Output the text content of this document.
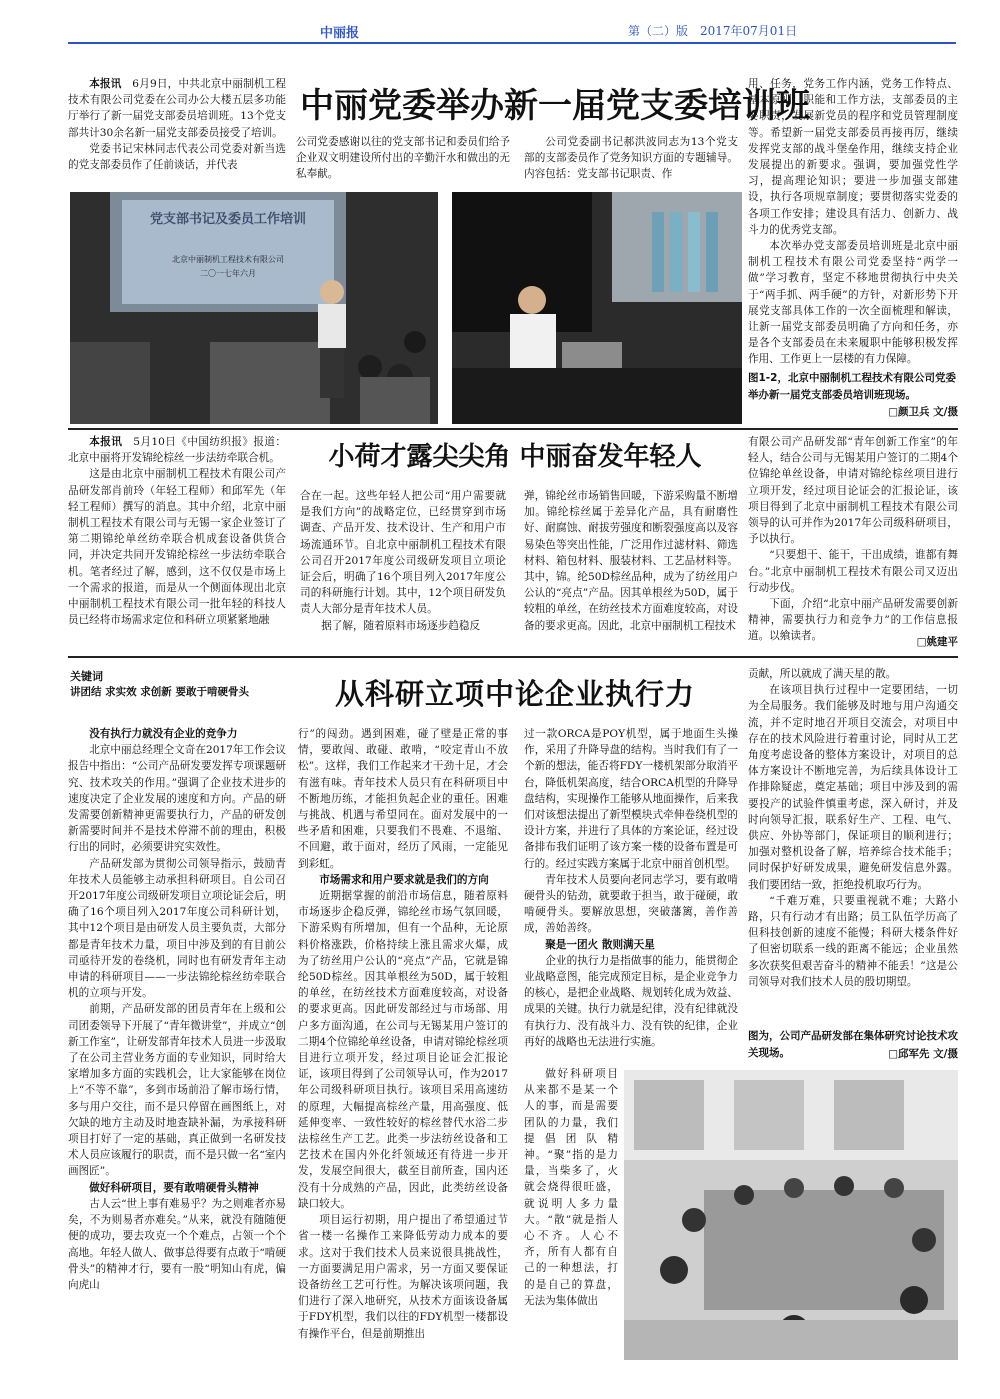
中丽报	第（二）版　2017年07月01日
中丽党委举办新一届党支委培训班

本报讯　 6月9日，中共北京中丽制机工程技术有限公司党委在公司办公大楼五层多功能厅举行了新一届党支部委员培训班。13个党支部共计30余名新一届党支部委员接受了培训。

党委书记宋林同志代表公司党委对新当选的党支部委员作了任前谈话，并代表

公司党委感谢以往的党支部书记和委员们给予企业双文明建设所付出的辛勤汗水和做出的无私奉献。

公司党委副书记郝洪波同志为13个党支部的支部委员作了党务知识方面的专题辅导。内容包括：党支部书记职责、作

用、任务，党务工作内涵，党务工作特点、基本原则、职能和工作方法，支部委员的主要职责，发展新党员的程序和党员管理制度等。希望新一届党支部委员再接再厉，继续发挥党支部的战斗堡垒作用，继续支持企业发展提出的新要求。强调，要加强党性学习，提高理论知识；要进一步加强支部建设，执行各项规章制度；要贯彻落实党委的各项工作安排；建设具有活力、创新力、战斗力的优秀党支部。

本次举办党支部委员培训班是北京中丽制机工程技术有限公司党委坚持“两学一做”学习教育，坚定不移地贯彻执行中央关于“两手抓、两手硬”的方针，对新形势下开展党支部具体工作的一次全面梳理和解读，让新一届党支部委员明确了方向和任务，亦是各个支部委员在未来履职中能够积极发挥作用、工作更上一层楼的有力保障。

党支部书记及委员工作培训
北京中丽制机工程技术有限公司
二〇一七年六月
图1-2，北京中丽制机工程技术有限公司党委举办新一届党支部委员培训班现场。
□颜卫兵 文/摄
小荷才露尖尖角 中丽奋发年轻人

本报讯　 5月10日《中国纺织报》报道：北京中丽将开发锦纶棕丝一步法纺牵联合机。

这是由北京中丽制机工程技术有限公司产品研发部肖前玲（年轻工程师）和邱军先（年轻工程师）撰写的消息。其中介绍，北京中丽制机工程技术有限公司与无锡一家企业签订了第二期锦纶单丝纺牵联合机成套设备供货合同，并决定共同开发锦纶棕丝一步法纺牵联合机。笔者经过了解，感到，这不仅仅是市场上一个需求的报道，而是从一个侧面体现出北京中丽制机工程技术有限公司一批年轻的科技人员已经将市场需求定位和科研立项紧紧地融

合在一起。这些年轻人把公司“用户需要就是我们方向”的战略定位，已经贯穿到市场调查、产品开发、技术设计、生产和用户市场流通环节。自北京中丽制机工程技术有限公司召开2017年度公司级研发项目立项论证会后，明确了16个项目列入2017年度公司的科研施行计划。其中，12个项目研发负责人大部分是青年技术人员。

据了解，随着原料市场逐步趋稳反

弹，锦纶丝市场销售回暖，下游采购量不断增加。锦纶棕丝属于差异化产品，具有耐磨性好、耐腐蚀、耐拔劳强度和断裂强度高以及容易染色等突出性能，广泛用作过滤材料、筛选材料、箱包材料、服装材料、工艺品材料等。其中，锦。纶50D棕丝品种，成为了纺丝用户公认的“亮点”产品。因其单根丝为50D，属于较粗的单丝，在纺丝技术方面难度较高，对设备的要求更高。因此，北京中丽制机工程技术

有限公司产品研发部“青年创新工作室”的年轻人，结合公司与无锡某用户签订的二期4个位锦纶单丝设备，申请对锦纶棕丝项目进行立项开发，经过项目论证会的汇报论证，该项目得到了北京中丽制机工程技术有限公司领导的认可并作为2017年公司级科研项目，予以执行。

“只要想干、能干，干出成绩，谁都有舞台。”北京中丽制机工程技术有限公司又迈出行动步伐。

下面，介绍“北京中丽产品研发需要创新精神，需要执行力和竞争力”的工作信息报道。以飨读者。	□姚建平
关键词
讲团结 求实效 求创新 要敢于啃硬骨头	从科研立项中论企业执行力

没有执行力就没有企业的竞争力

北京中丽总经理仝文奇在2017年工作会议报告中指出：“公司产品研发要发挥专项课题研究、技术攻关的作用。”强调了企业技术进步的速度决定了企业发展的速度和方向。产品的研发需要创新精神更需要执行力，产品的研发创新需要时间并不是技术停滞不前的理由，积极行出的同时，必须要讲究实效性。

产品研发部为贯彻公司领导指示，鼓励青年技术人员能够主动承担科研项目。自公司召开2017年度公司级研发项目立项论证会后，明确了16个项目列入2017年度公司科研计划，其中12个项目是由研发人员主要负责，大部分都是青年技术力量，项目中涉及到的有目前公司亟待开发的卷绕机，同时也有研发青年主动申请的科研项目——一步法锦纶棕丝纺牵联合机的立项与开发。

前期，产品研发部的团员青年在上级和公司团委领导下开展了“青年微讲堂”，并成立“创新工作室”，让研发部青年技术人员进一步汲取了在公司主营业务方面的专业知识，同时给大家增加多方面的实践机会，让大家能够在岗位上“不等不靠”，多到市场前沿了解市场行情，多与用户交往，而不是只停留在画图纸上，对欠缺的地方主动及时地查缺补漏，为承接科研项目打好了一定的基础，真正做到一名研发技术人员应该履行的职责，而不是只做一名“室内画图匠”。

做好科研项目，要有敢啃硬骨头精神

古人云“世上事有难易乎？为之则难者亦易矣，不为则易者亦难矣。”从来，就没有随随便便的成功，要去攻克一个个难点，占领一个个高地。年轻人做人、做事总得要有点敢于“啃硬骨头”的精神才行，要有一股“明知山有虎，偏向虎山

行”的闯劲。遇到困难，碰了壁是正常的事情，要敢闯、敢碰、敢啃，“咬定青山不放松”。这样，我们工作起来才干劲十足，才会有滋有味。青年技术人员只有在科研项目中不断地历练，才能担负起企业的重任。困难与挑战、机遇与希望同在。面对发展中的一些矛盾和困难，只要我们不畏难、不退缩、不回避，敢于面对，经历了风雨，一定能见到彩虹。

市场需求和用户要求就是我们的方向

近期据掌握的前沿市场信息，随着原料市场逐步企稳反弹，锦纶丝市场气氛回暖，下游采购有所增加，但有一个品种，无论原料价格涨跌，价格持续上涨且需求火爆，成为了纺丝用户公认的“亮点”产品，它就是锦纶50D棕丝。因其单根丝为50D，属于较粗的单丝，在纺丝技术方面难度较高，对设备的要求更高。因此研发部经过与市场部、用户多方面沟通，在公司与无锡某用户签订的二期4个位锦纶单丝设备，申请对锦纶棕丝项目进行立项开发，经过项目论证会汇报论证，该项目得到了公司领导认可，作为2017年公司级科研项目执行。该项目采用高速纺的原理，大幅提高棕丝产量，用高强度、低延伸变率、一致性较好的棕丝替代水浴二步法棕丝生产工艺。此类一步法纺丝设备和工艺技术在国内外化纤领域还有待进一步开发，发展空间很大，截至目前所查，国内还没有十分成熟的产品，因此，此类纺丝设备缺口较大。

项目运行初期，用户提出了希望通过节省一楼一名操作工来降低劳动力成本的要求。这对于我们技术人员来说很具挑战性，一方面要满足用户需求，另一方面又要保证设备纺丝工艺可行性。为解决该项问题，我们进行了深入地研究，从技术方面该设备属于FDY机型，我们以往的FDY机型一楼都设有操作平台，但是前期推出

过一款ORCA是POY机型，属于地面生头操作，采用了升降导盘的结构。当时我们有了一个新的想法，能否将FDY一楼机架部分取消平台，降低机架高度，结合ORCA机型的升降导盘结构，实现操作工能够从地面操作，后来我们对该想法提出了新型模块式牵伸卷绕机型的设计方案，并进行了具体的方案论证，经过设备排布我们证明了该方案一楼的设备布置是可行的。经过实践方案属于北京中丽首创机型。

青年技术人员要向老同志学习，要有敢啃硬骨头的钻劲，就要敢于担当，敢于碰硬，敢啃硬骨头。要解放思想，突破藩篱，善作善成，善始善终。

聚是一团火 散则满天星

企业的执行力是指做事的能力，能贯彻企业战略意图，能完成预定目标，是企业竞争力的核心，是把企业战略、规划转化成为效益、成果的关键。执行力就是纪律，没有纪律就没有执行力、没有战斗力、没有铁的纪律，企业再好的战略也无法进行实施。

做好科研项目从来都不是某一个人的事，而是需要团队的力量，我们提倡团队精神。“聚”指的是力量，当柴多了，火就会烧得很旺盛，就说明人多力量大。“散”就是指人心不齐。人心不齐，所有人都有自己的一种想法，打的是自己的算盘，无法为集体做出

贡献，所以就成了满天星的散。

在该项目执行过程中一定要团结，一切为全局服务。我们能够及时地与用户沟通交流，并不定时地召开项目交流会，对项目中存在的技术风险进行着重讨论，同时从工艺角度考虑设备的整体方案设计，对项目的总体方案设计不断地完善，为后续具体设计工作排除疑虑，奠定基础；项目中涉及到的需要投产的试验件慎重考虑，深入研讨，并及时向领导汇报，联系好生产、工程、电气、供应、外协等部门，保证项目的顺利进行；加强对整机设备了解，培养综合技术能手；同时保护好研发成果，避免研发信息外露。我们要团结一致，拒绝投机取巧行为。

“千难万难，只要重视就不难；大路小路，只有行动才有出路；员工队伍学历高了但科技创新的速度不能慢；科研大楼条件好了但密切联系一线的距离不能远；企业虽然多次获奖但艰苦奋斗的精神不能丢！”这是公司领导对我们技术人员的殷切期望。

图为，公司产品研发部在集体研究讨论技术攻关现场。	□邱军先 文/摄
